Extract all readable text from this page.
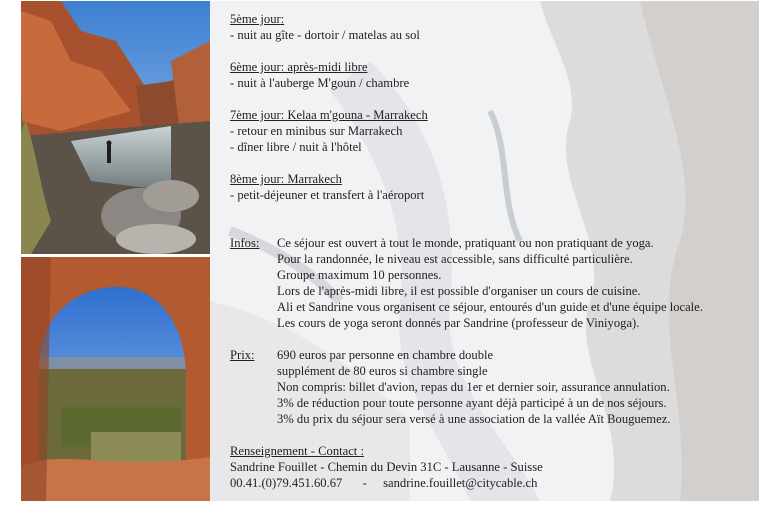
5ème jour:
- nuit au gîte - dortoir / matelas au sol
6ème jour: après-midi libre
- nuit à l'auberge M'goun / chambre
7ème jour: Kelaa m'gouna - Marrakech
- retour en minibus sur Marrakech
- dîner libre / nuit à l'hôtel
8ème jour: Marrakech
- petit-déjeuner et transfert à l'aéroport
Infos:	Ce séjour est ouvert à tout le monde, pratiquant ou non pratiquant de yoga.
Pour la randonnée, le niveau est accessible, sans difficulté particulière.
Groupe maximum 10 personnes.
Lors de l'après-midi libre, il est possible d'organiser un cours de cuisine.
Ali et Sandrine vous organisent ce séjour, entourés d'un guide et d'une équipe locale.
Les cours de yoga seront donnés par Sandrine (professeur de Viniyoga).
Prix:	690 euros par personne en chambre double
supplément de 80 euros si chambre single
Non compris: billet d'avion, repas du 1er et dernier soir, assurance annulation.
3% de réduction pour toute personne ayant déjà participé à un de nos séjours.
3% du prix du séjour sera versé à une association de la vallée Aït Bouguemez.
Renseignement - Contact :
Sandrine Fouillet - Chemin du Devin 31C - Lausanne - Suisse
00.41.(0)79.451.60.67 - sandrine.fouillet@citycable.ch
